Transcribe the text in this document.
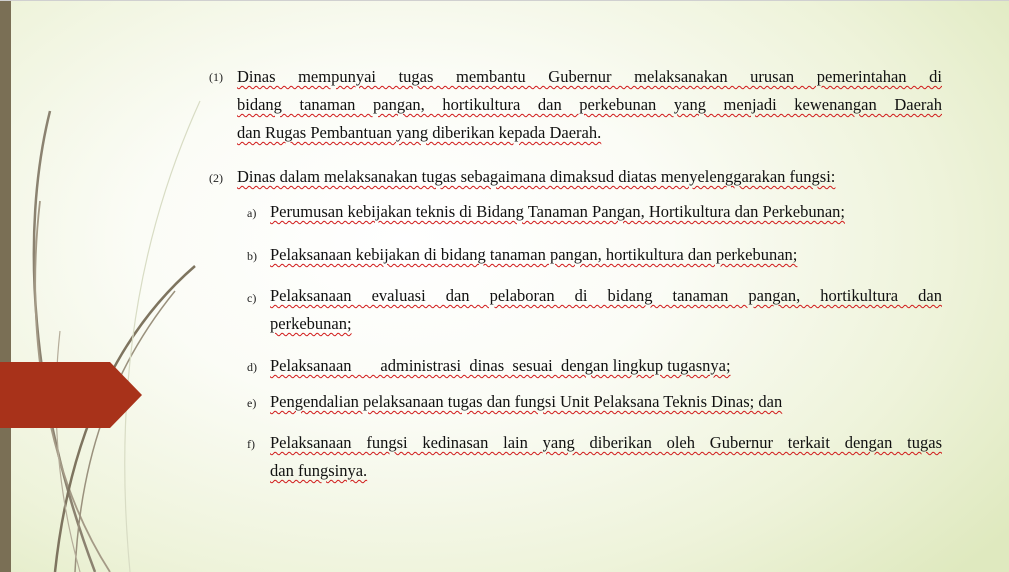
(1) Dinas mempunyai tugas membantu Gubernur melaksanakan urusan pemerintahan di
bidang tanaman pangan, hortikultura dan perkebunan yang menjadi kewenangan Daerah
dan Rugas Pembantuan yang diberikan kepada Daerah.
(2) Dinas dalam melaksanakan tugas sebagaimana dimaksud diatas menyelenggarakan fungsi:
a) Perumusan kebijakan teknis di Bidang Tanaman Pangan, Hortikultura dan Perkebunan;
b) Pelaksanaan kebijakan di bidang tanaman pangan, hortikultura dan perkebunan;
c) Pelaksanaan evaluasi dan pelaboran di bidang tanaman pangan, hortikultura dan
perkebunan;
d) Pelaksanaan       administrasi  dinas  sesuai  dengan lingkup tugasnya;
e) Pengendalian pelaksanaan tugas dan fungsi Unit Pelaksana Teknis Dinas; dan
f) Pelaksanaan fungsi kedinasan lain yang diberikan oleh Gubernur terkait dengan tugas
dan fungsinya.
